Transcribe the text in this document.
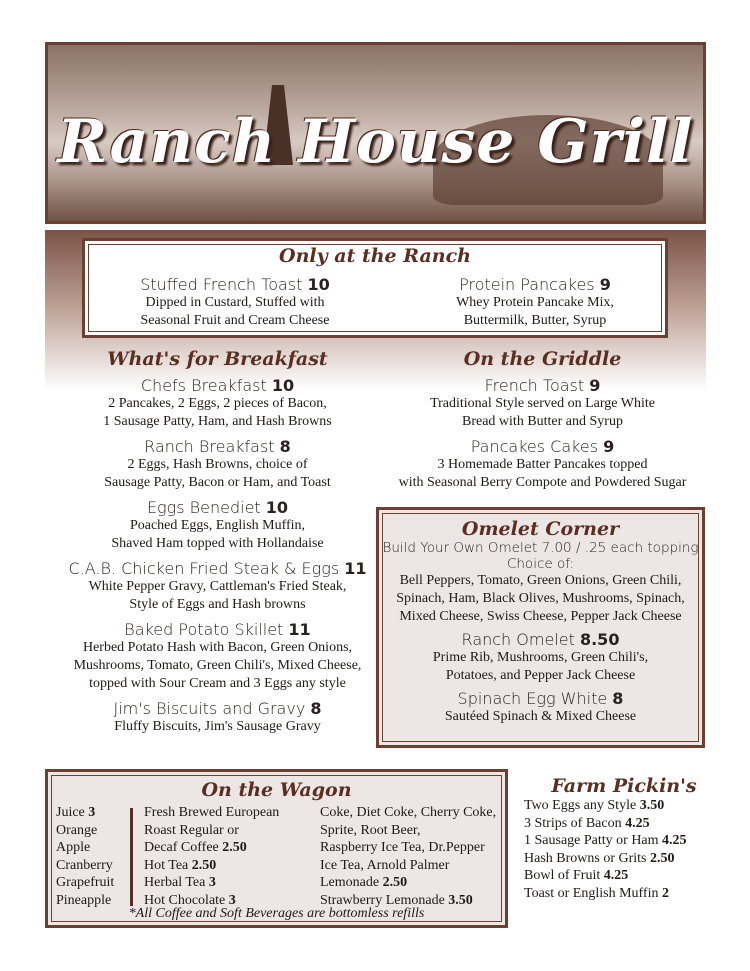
Ranch House Grill
Only at the Ranch
Stuffed French Toast 10
Dipped in Custard, Stuffed with
Seasonal Fruit and Cream Cheese
Protein Pancakes 9
Whey Protein Pancake Mix,
Buttermilk, Butter, Syrup
What's for Breakfast
Chefs Breakfast 10
2 Pancakes, 2 Eggs, 2 pieces of Bacon,
1 Sausage Patty, Ham, and Hash Browns
Ranch Breakfast 8
2 Eggs, Hash Browns, choice of
Sausage Patty, Bacon or Ham, and Toast
Eggs Benediet 10
Poached Eggs, English Muffin,
Shaved Ham topped with Hollandaise
C.A.B. Chicken Fried Steak & Eggs 11
White Pepper Gravy, Cattleman's Fried Steak,
Style of Eggs and Hash browns
Baked Potato Skillet 11
Herbed Potato Hash with Bacon, Green Onions,
Mushrooms, Tomato, Green Chili's, Mixed Cheese,
topped with Sour Cream and 3 Eggs any style
Jim's Biscuits and Gravy 8
Fluffy Biscuits, Jim's Sausage Gravy
On the Griddle
French Toast 9
Traditional Style served on Large White
Bread with Butter and Syrup
Pancakes Cakes 9
3 Homemade Batter Pancakes topped
with Seasonal Berry Compote and Powdered Sugar
Omelet Corner
Build Your Own Omelet 7.00 / .25 each topping
Choice of:
Bell Peppers, Tomato, Green Onions, Green Chili,
Spinach, Ham, Black Olives, Mushrooms, Spinach,
Mixed Cheese, Swiss Cheese, Pepper Jack Cheese
Ranch Omelet 8.50
Prime Rib, Mushrooms, Green Chili's,
Potatoes, and Pepper Jack Cheese
Spinach Egg White 8
Sautéed Spinach & Mixed Cheese
On the Wagon
Juice 3
Orange
Apple
Cranberry
Grapefruit
Pineapple
Fresh Brewed European
Roast Regular or
Decaf Coffee 2.50
Hot Tea 2.50
Herbal Tea 3
Hot Chocolate 3
Coke, Diet Coke, Cherry Coke,
Sprite, Root Beer,
Raspberry Ice Tea, Dr.Pepper
Ice Tea, Arnold Palmer
Lemonade 2.50
Strawberry Lemonade 3.50
*All Coffee and Soft Beverages are bottomless refills
Farm Pickin's
Two Eggs any Style 3.50
3 Strips of Bacon 4.25
1 Sausage Patty or Ham 4.25
Hash Browns or Grits 2.50
Bowl of Fruit 4.25
Toast or English Muffin 2
